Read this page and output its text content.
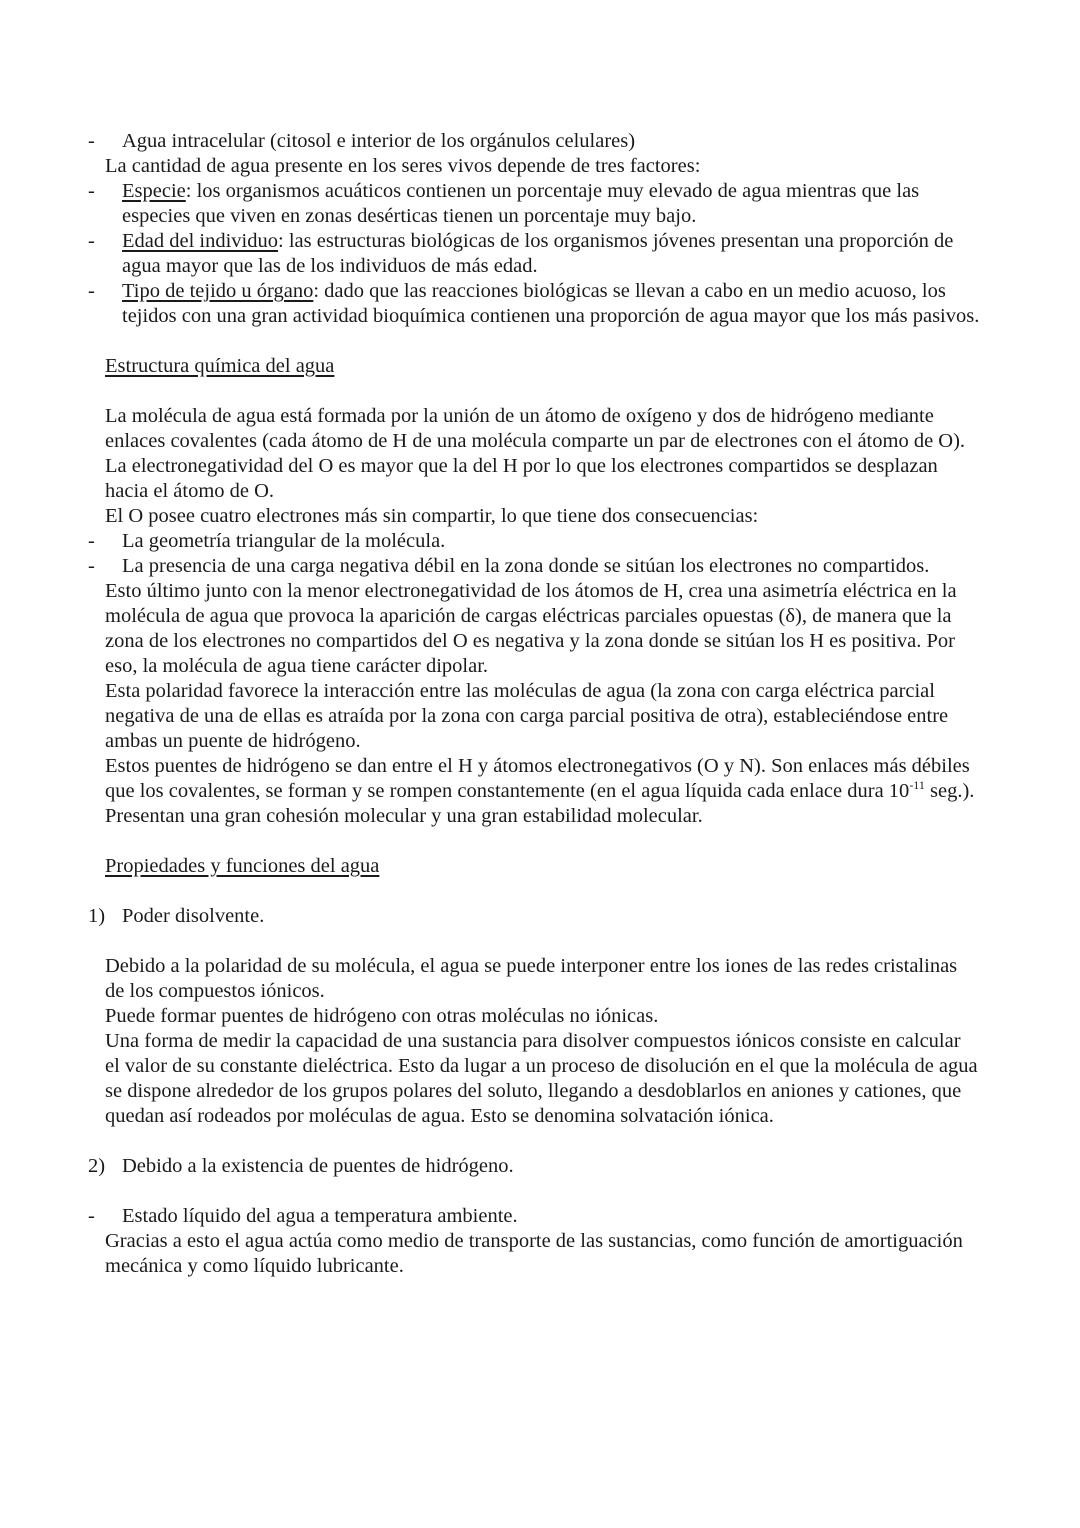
- Agua intracelular (citosol e interior de los orgánulos celulares)
La cantidad de agua presente en los seres vivos depende de tres factores:
- Especie: los organismos acuáticos contienen un porcentaje muy elevado de agua mientras que las especies que viven en zonas desérticas tienen un porcentaje muy bajo.
- Edad del individuo: las estructuras biológicas de los organismos jóvenes presentan una proporción de agua mayor que las de los individuos de más edad.
- Tipo de tejido u órgano: dado que las reacciones biológicas se llevan a cabo en un medio acuoso, los tejidos con una gran actividad bioquímica contienen una proporción de agua mayor que los más pasivos.
Estructura química del agua
La molécula de agua está formada por la unión de un átomo de oxígeno y dos de hidrógeno mediante enlaces covalentes (cada átomo de H de una molécula comparte un par de electrones con el átomo de O).
La electronegatividad del O es mayor que la del H por lo que los electrones compartidos se desplazan hacia el átomo de O.
El O posee cuatro electrones más sin compartir, lo que tiene dos consecuencias:
- La geometría triangular de la molécula.
- La presencia de una carga negativa débil en la zona donde se sitúan los electrones no compartidos.
Esto último junto con la menor electronegatividad de los átomos de H, crea una asimetría eléctrica en la molécula de agua que provoca la aparición de cargas eléctricas parciales opuestas (δ), de manera que la zona de los electrones no compartidos del O es negativa y la zona donde se sitúan los H es positiva. Por eso, la molécula de agua tiene carácter dipolar.
Esta polaridad favorece la interacción entre las moléculas de agua (la zona con carga eléctrica parcial negativa de una de ellas es atraída por la zona con carga parcial positiva de otra), estableciéndose entre ambas un puente de hidrógeno.
Estos puentes de hidrógeno se dan entre el H y átomos electronegativos (O y N). Son enlaces más débiles que los covalentes, se forman y se rompen constantemente (en el agua líquida cada enlace dura $10^{-11}$ seg.). Presentan una gran cohesión molecular y una gran estabilidad molecular.
Propiedades y funciones del agua
1) Poder disolvente.
Debido a la polaridad de su molécula, el agua se puede interponer entre los iones de las redes cristalinas de los compuestos iónicos.
Puede formar puentes de hidrógeno con otras moléculas no iónicas.
Una forma de medir la capacidad de una sustancia para disolver compuestos iónicos consiste en calcular el valor de su constante dieléctrica. Esto da lugar a un proceso de disolución en el que la molécula de agua se dispone alrededor de los grupos polares del soluto, llegando a desdoblarlos en aniones y cationes, que quedan así rodeados por moléculas de agua. Esto se denomina solvatación iónica.
2) Debido a la existencia de puentes de hidrógeno.
- Estado líquido del agua a temperatura ambiente.
Gracias a esto el agua actúa como medio de transporte de las sustancias, como función de amortiguación mecánica y como líquido lubricante.
